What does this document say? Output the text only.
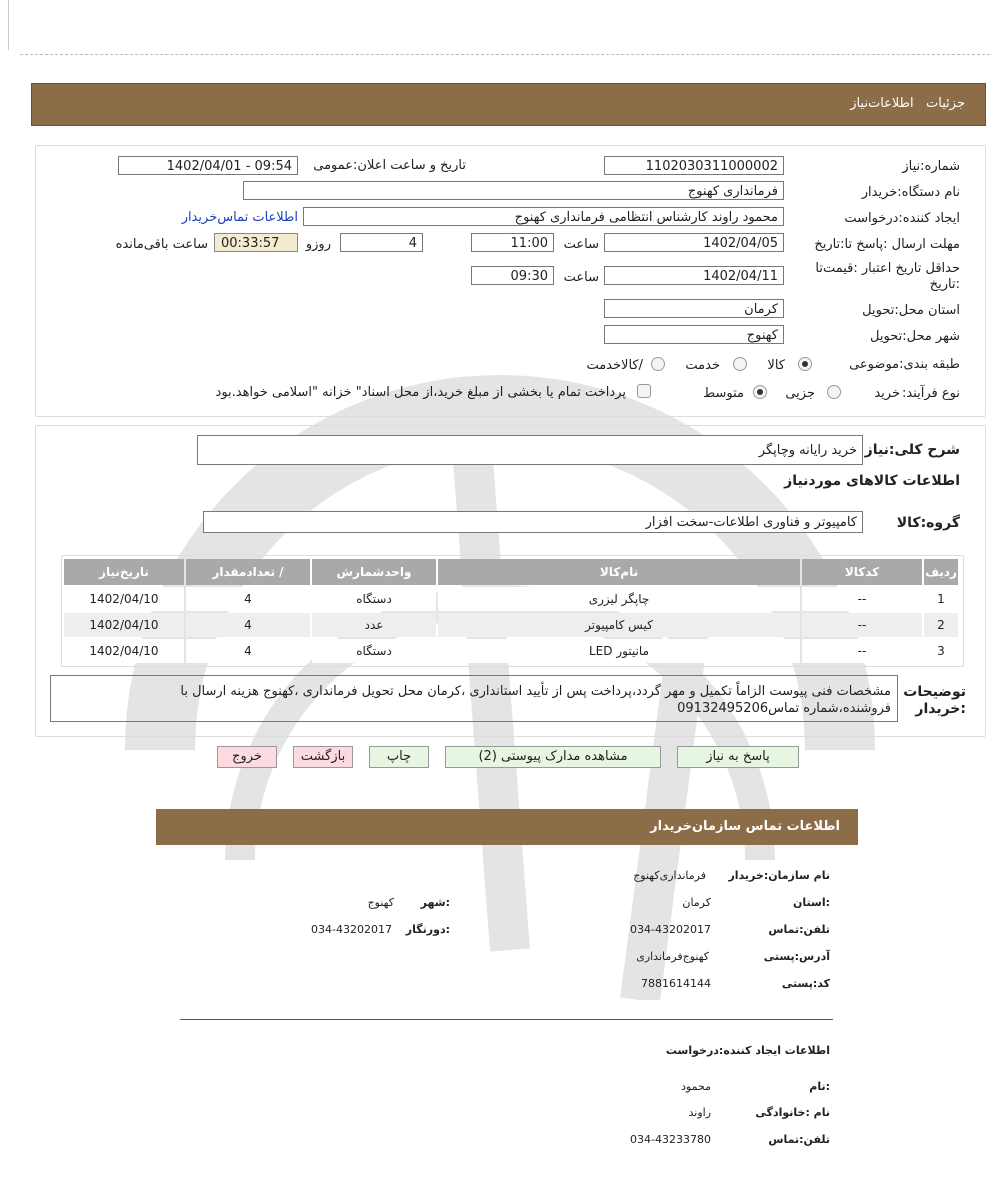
جزئیات   اطلاعات‌نیاز
شماره:نیاز
1102030311000002
تاریخ و ساعت اعلان:عمومی
1402/04/01 - 09:54
نام دستگاه:خریدار
فرمانداری کهنوج
ایجاد کننده:درخواست
محمود راوند کارشناس انتظامی فرمانداری کهنوج
اطلاعات تماس‌خریدار
مهلت ارسال :پاسخ تا:تاریخ
1402/04/05
ساعت
11:00
4
روزو
00:33:57
ساعت باقی‌مانده
حداقل تاریخ اعتبار :قیمت‌تا
:تاریخ
1402/04/11
ساعت
09:30
استان محل:تحویل
کرمان
شهر محل:تحویل
کهنوج
طبقه بندی:موضوعی
کالا
خدمت
/کالاخدمت
نوع فرآیند:
خرید
جزیی
متوسط
پرداخت تمام یا بخشی از مبلغ خرید،از محل اسناد" خزانه "اسلامی خواهد.بود
شرح کلی:نیاز
خرید رایانه وچاپگر
اطلاعات کالاهای موردنیاز
گروه:کالا
کامپیوتر و فناوری اطلاعات-سخت افزار
ردیف	کدکالا	نام‌کالا	واحدشمارش	/ تعدادمقدار	تاریخ‌نیاز
1	--	چاپگر لیزری	دستگاه	4	1402/04/10
2	--	کیس کامپیوتر	عدد	4	1402/04/10
3	--	مانیتور LED	دستگاه	4	1402/04/10
توضیحات
:خریدار
مشخصات فنی پیوست الزاماً تکمیل و مهر گردد،پرداخت پس از تأیید استانداری ،کرمان محل تحویل فرمانداری ،کهنوج هزینه ارسال با
فروشنده،شماره تماس09132495206
پاسخ به نیاز
مشاهده مدارک پیوستی (2)
چاپ
بازگشت
خروج
اطلاعات تماس سازمان‌خریدار
نام سازمان:خریدار
فرمانداری‌کهنوج
:استان
کرمان
:شهر
کهنوج
تلفن:تماس
034-43202017
:دورنگار
034-43202017
آدرس:پستی
کهنوج‌فرمانداری
کد:پستی
7881614144
اطلاعات ایجاد کننده:درخواست
:نام
محمود
نام :خانوادگی
راوند
تلفن:تماس
034-43233780
